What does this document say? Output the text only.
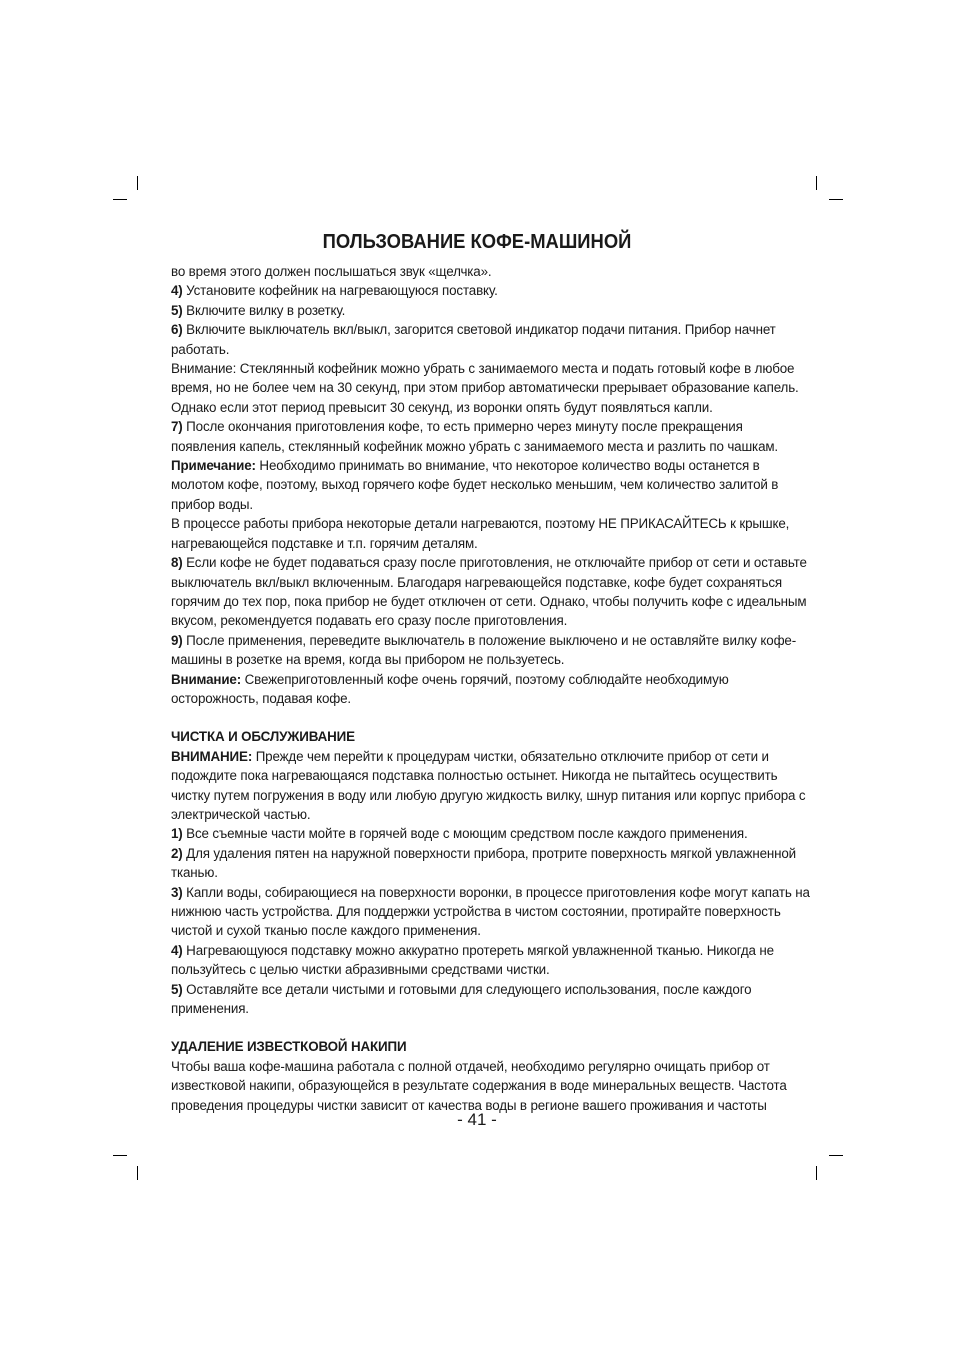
ПОЛЬЗОВАНИЕ КОФЕ-МАШИНОЙ

во время этого должен послышаться звук «щелчка».

4) Установите кофейник на нагревающуюся поставку.

5) Включите вилку в розетку.

6) Включите выключатель вкл/выкл, загорится световой индикатор подачи питания. Прибор начнет работать.

Внимание: Стеклянный кофейник можно убрать с занимаемого места и подать готовый кофе в любое время, но не более чем на 30 секунд, при этом прибор автоматически прерывает образование капель. Однако если этот период превысит 30 секунд, из воронки опять будут появляться капли.

7) После окончания приготовления кофе, то есть примерно через минуту после прекращения появления капель, стеклянный кофейник можно убрать с занимаемого места и разлить по чашкам.

Примечание: Необходимо принимать во внимание, что некоторое количество воды останется в молотом кофе, поэтому, выход горячего кофе будет несколько меньшим, чем количество залитой в прибор воды.

В процессе работы прибора некоторые детали нагреваются, поэтому НЕ ПРИКАСАЙТЕСЬ к крышке, нагревающейся подставке и т.п. горячим деталям.

8) Если кофе не будет подаваться сразу после приготовления, не отключайте прибор от сети и оставьте выключатель вкл/выкл включенным. Благодаря нагревающейся подставке, кофе будет сохраняться горячим до тех пор, пока прибор не будет отключен от сети. Однако, чтобы получить кофе с идеальным вкусом, рекомендуется подавать его сразу после приготовления.

9) После применения, переведите выключатель в положение выключено и не оставляйте вилку кофе-машины в розетке на время, когда вы прибором не пользуетесь.

Внимание: Свежеприготовленный кофе очень горячий, поэтому соблюдайте необходимую осторожность, подавая кофе.

ЧИСТКА И ОБСЛУЖИВАНИЕ

ВНИМАНИЕ: Прежде чем перейти к процедурам чистки, обязательно отключите прибор от сети и подождите пока нагревающаяся подставка полностью остынет. Никогда не пытайтесь осуществить чистку путем погружения в воду или любую другую жидкость вилку, шнур питания или корпус прибора с электрической частью.

1) Все съемные части мойте в горячей воде с моющим средством после каждого применения.

2) Для удаления пятен на наружной поверхности прибора, протрите поверхность мягкой увлажненной тканью.

3) Капли воды, собирающиеся на поверхности воронки, в процессе приготовления кофе могут капать на нижнюю часть устройства. Для поддержки устройства в чистом состоянии, протирайте поверхность чистой и сухой тканью после каждого применения.

4) Нагревающуюся подставку можно аккуратно протереть мягкой увлажненной тканью. Никогда не пользуйтесь с целью чистки абразивными средствами чистки.

5) Оставляйте все детали чистыми и готовыми для следующего использования, после каждого применения.

УДАЛЕНИЕ ИЗВЕСТКОВОЙ НАКИПИ

Чтобы ваша кофе-машина работала с полной отдачей, необходимо регулярно очищать прибор от известковой накипи, образующейся в результате содержания в воде минеральных веществ. Частота проведения процедуры чистки зависит от качества воды в регионе вашего проживания и частоты

- 41 -
